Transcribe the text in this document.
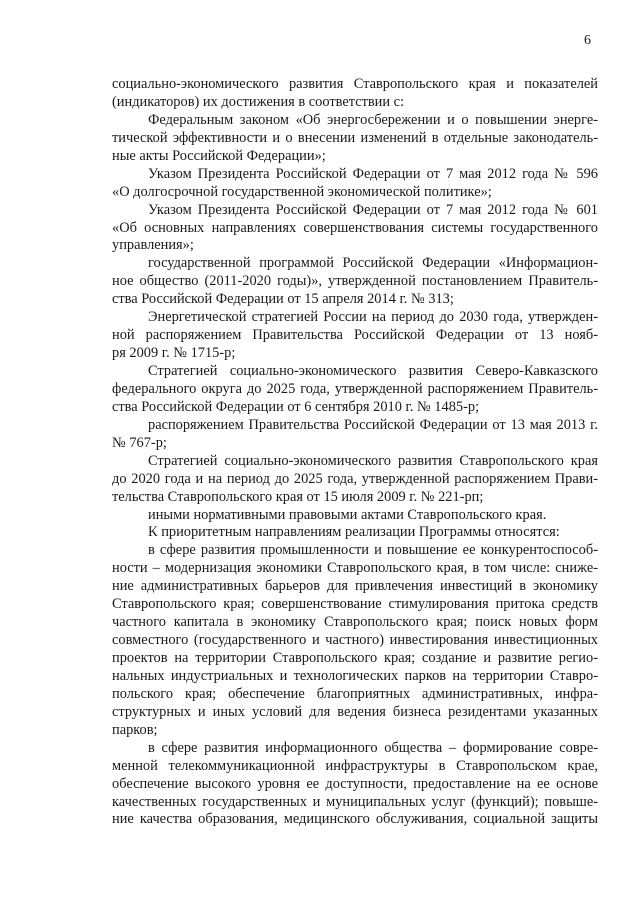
6
социально-экономического развития Ставропольского края и показателей
(индикаторов) их достижения в соответствии с:
Федеральным законом «Об энергосбережении и о повышении энерге-
тической эффективности и о внесении изменений в отдельные законодатель-
ные акты Российской Федерации»;
Указом Президента Российской Федерации от 7 мая 2012 года № 596
«О долгосрочной государственной экономической политике»;
Указом Президента Российской Федерации от 7 мая 2012 года № 601
«Об основных направлениях совершенствования системы государственного
управления»;
государственной программой Российской Федерации «Информацион-
ное общество (2011-2020 годы)», утвержденной постановлением Правитель-
ства Российской Федерации от 15 апреля 2014 г. № 313;
Энергетической стратегией России на период до 2030 года, утвержден-
ной распоряжением Правительства Российской Федерации от 13 нояб-
ря 2009 г. № 1715-р;
Стратегией социально-экономического развития Северо-Кавказского
федерального округа до 2025 года, утвержденной распоряжением Правитель-
ства Российской Федерации от 6 сентября 2010 г. № 1485-р;
распоряжением Правительства Российской Федерации от 13 мая 2013 г.
№ 767-р;
Стратегией социально-экономического развития Ставропольского края
до 2020 года и на период до 2025 года, утвержденной распоряжением Прави-
тельства Ставропольского края от 15 июля 2009 г. № 221-рп;
иными нормативными правовыми актами Ставропольского края.
К приоритетным направлениям реализации Программы относятся:
в сфере развития промышленности и повышение ее конкурентоспособ-
ности – модернизация экономики Ставропольского края, в том числе: сниже-
ние административных барьеров для привлечения инвестиций в экономику
Ставропольского края; совершенствование стимулирования притока средств
частного капитала в экономику Ставропольского края; поиск новых форм
совместного (государственного и частного) инвестирования инвестиционных
проектов на территории Ставропольского края; создание и развитие регио-
нальных индустриальных и технологических парков на территории Ставро-
польского края; обеспечение благоприятных административных, инфра-
структурных и иных условий для ведения бизнеса резидентами указанных
парков;
в сфере развития информационного общества – формирование совре-
менной телекоммуникационной инфраструктуры в Ставропольском крае,
обеспечение высокого уровня ее доступности, предоставление на ее основе
качественных государственных и муниципальных услуг (функций); повыше-
ние качества образования, медицинского обслуживания, социальной защиты
